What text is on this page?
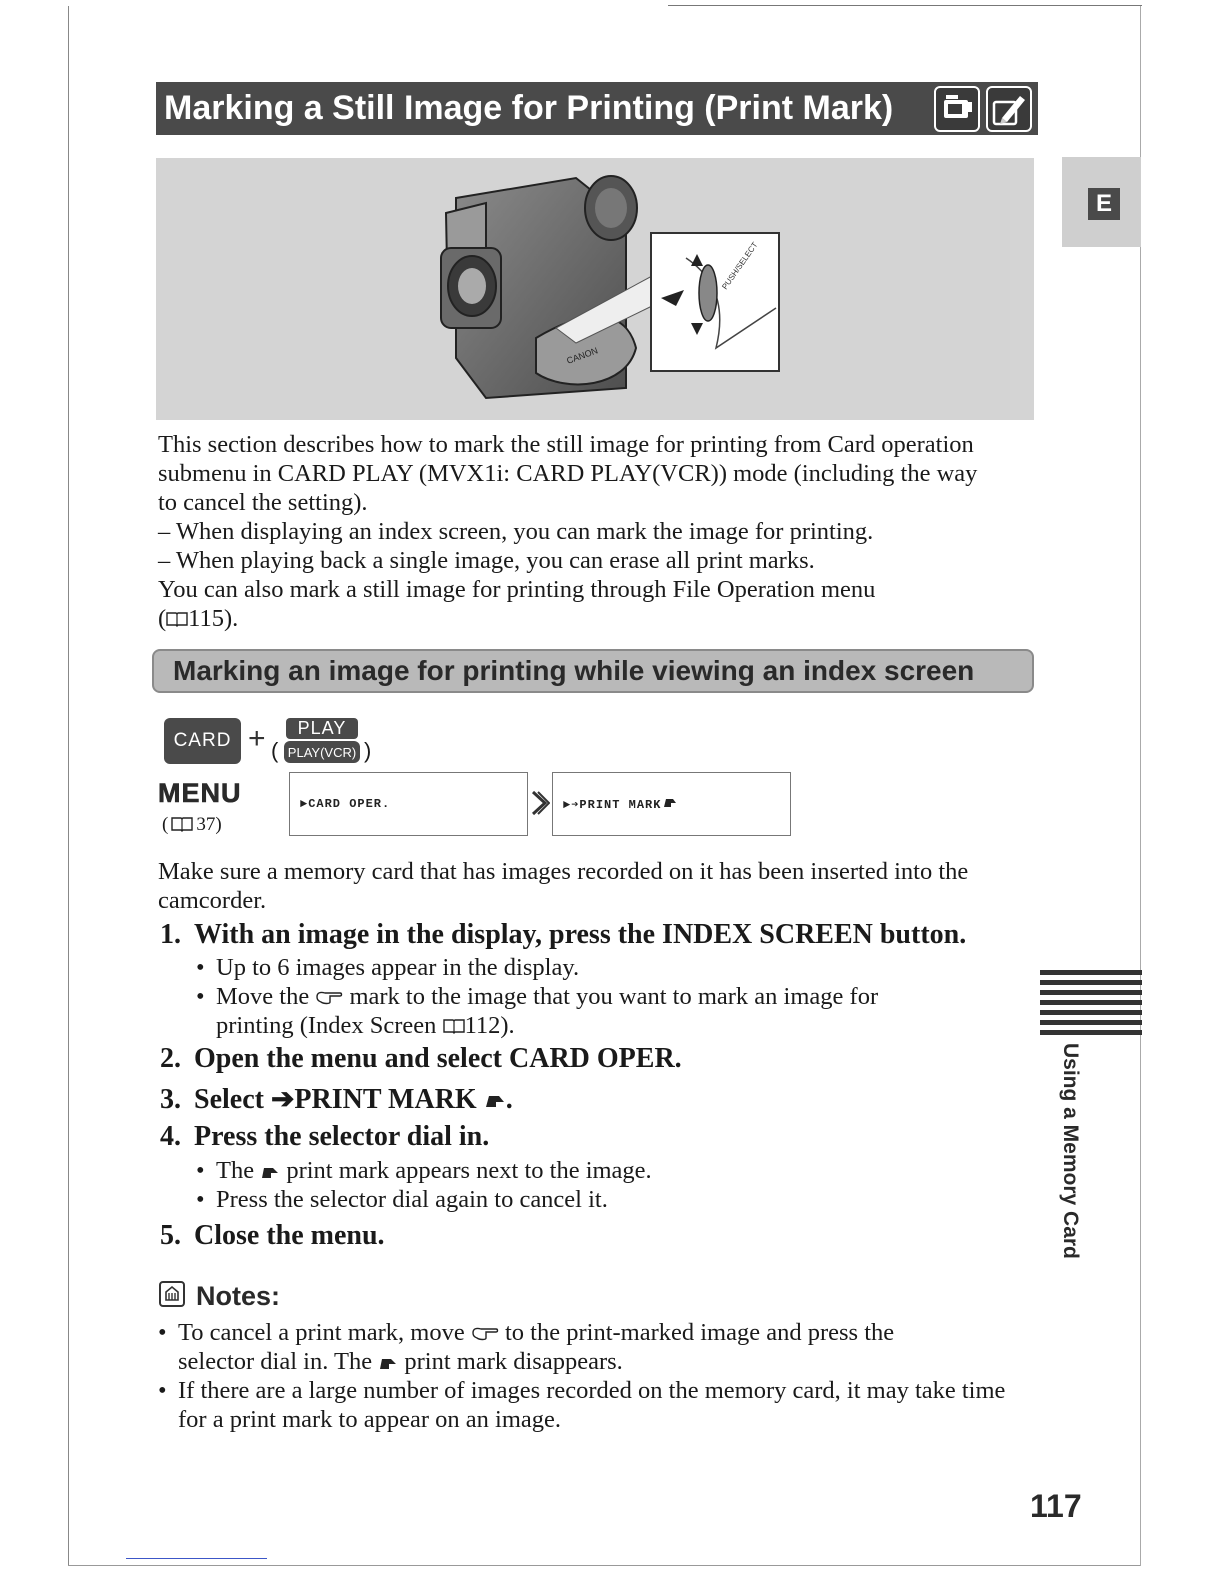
Marking a Still Image for Printing (Print Mark)
CANON
PUSH/SELECT
E

This section describes how to mark the still image for printing from Card operation submenu in CARD PLAY (MVX1i: CARD PLAY(VCR)) mode (including the way to cancel the setting).

– When displaying an index screen, you can mark the image for printing.

– When playing back a single image, you can erase all print marks.

You can also mark a still image for printing through File Operation menu
( 115).

Marking an image for printing while viewing an index screen
CARD + (
PLAY
PLAY(VCR) )
MENU
( 37)
►CARD OPER.	►➔PRINT MARK
Make sure a memory card that has images recorded on it has been inserted into the camcorder.
1. With an image in the display, press the INDEX SCREEN button.
• Up to 6 images appear in the display.
• Move the mark to the image that you want to mark an image for
printing (Index Screen 112).
2. Open the menu and select CARD OPER.
3. Select ➔PRINT MARK .
4. Press the selector dial in.
• The print mark appears next to the image.
• Press the selector dial again to cancel it.
5. Close the menu.
Notes:
• To cancel a print mark, move to the print-marked image and press the
selector dial in. The print mark disappears.
• If there are a large number of images recorded on the memory card, it may take time for a print mark to appear on an image.
Using a Memory Card
117
